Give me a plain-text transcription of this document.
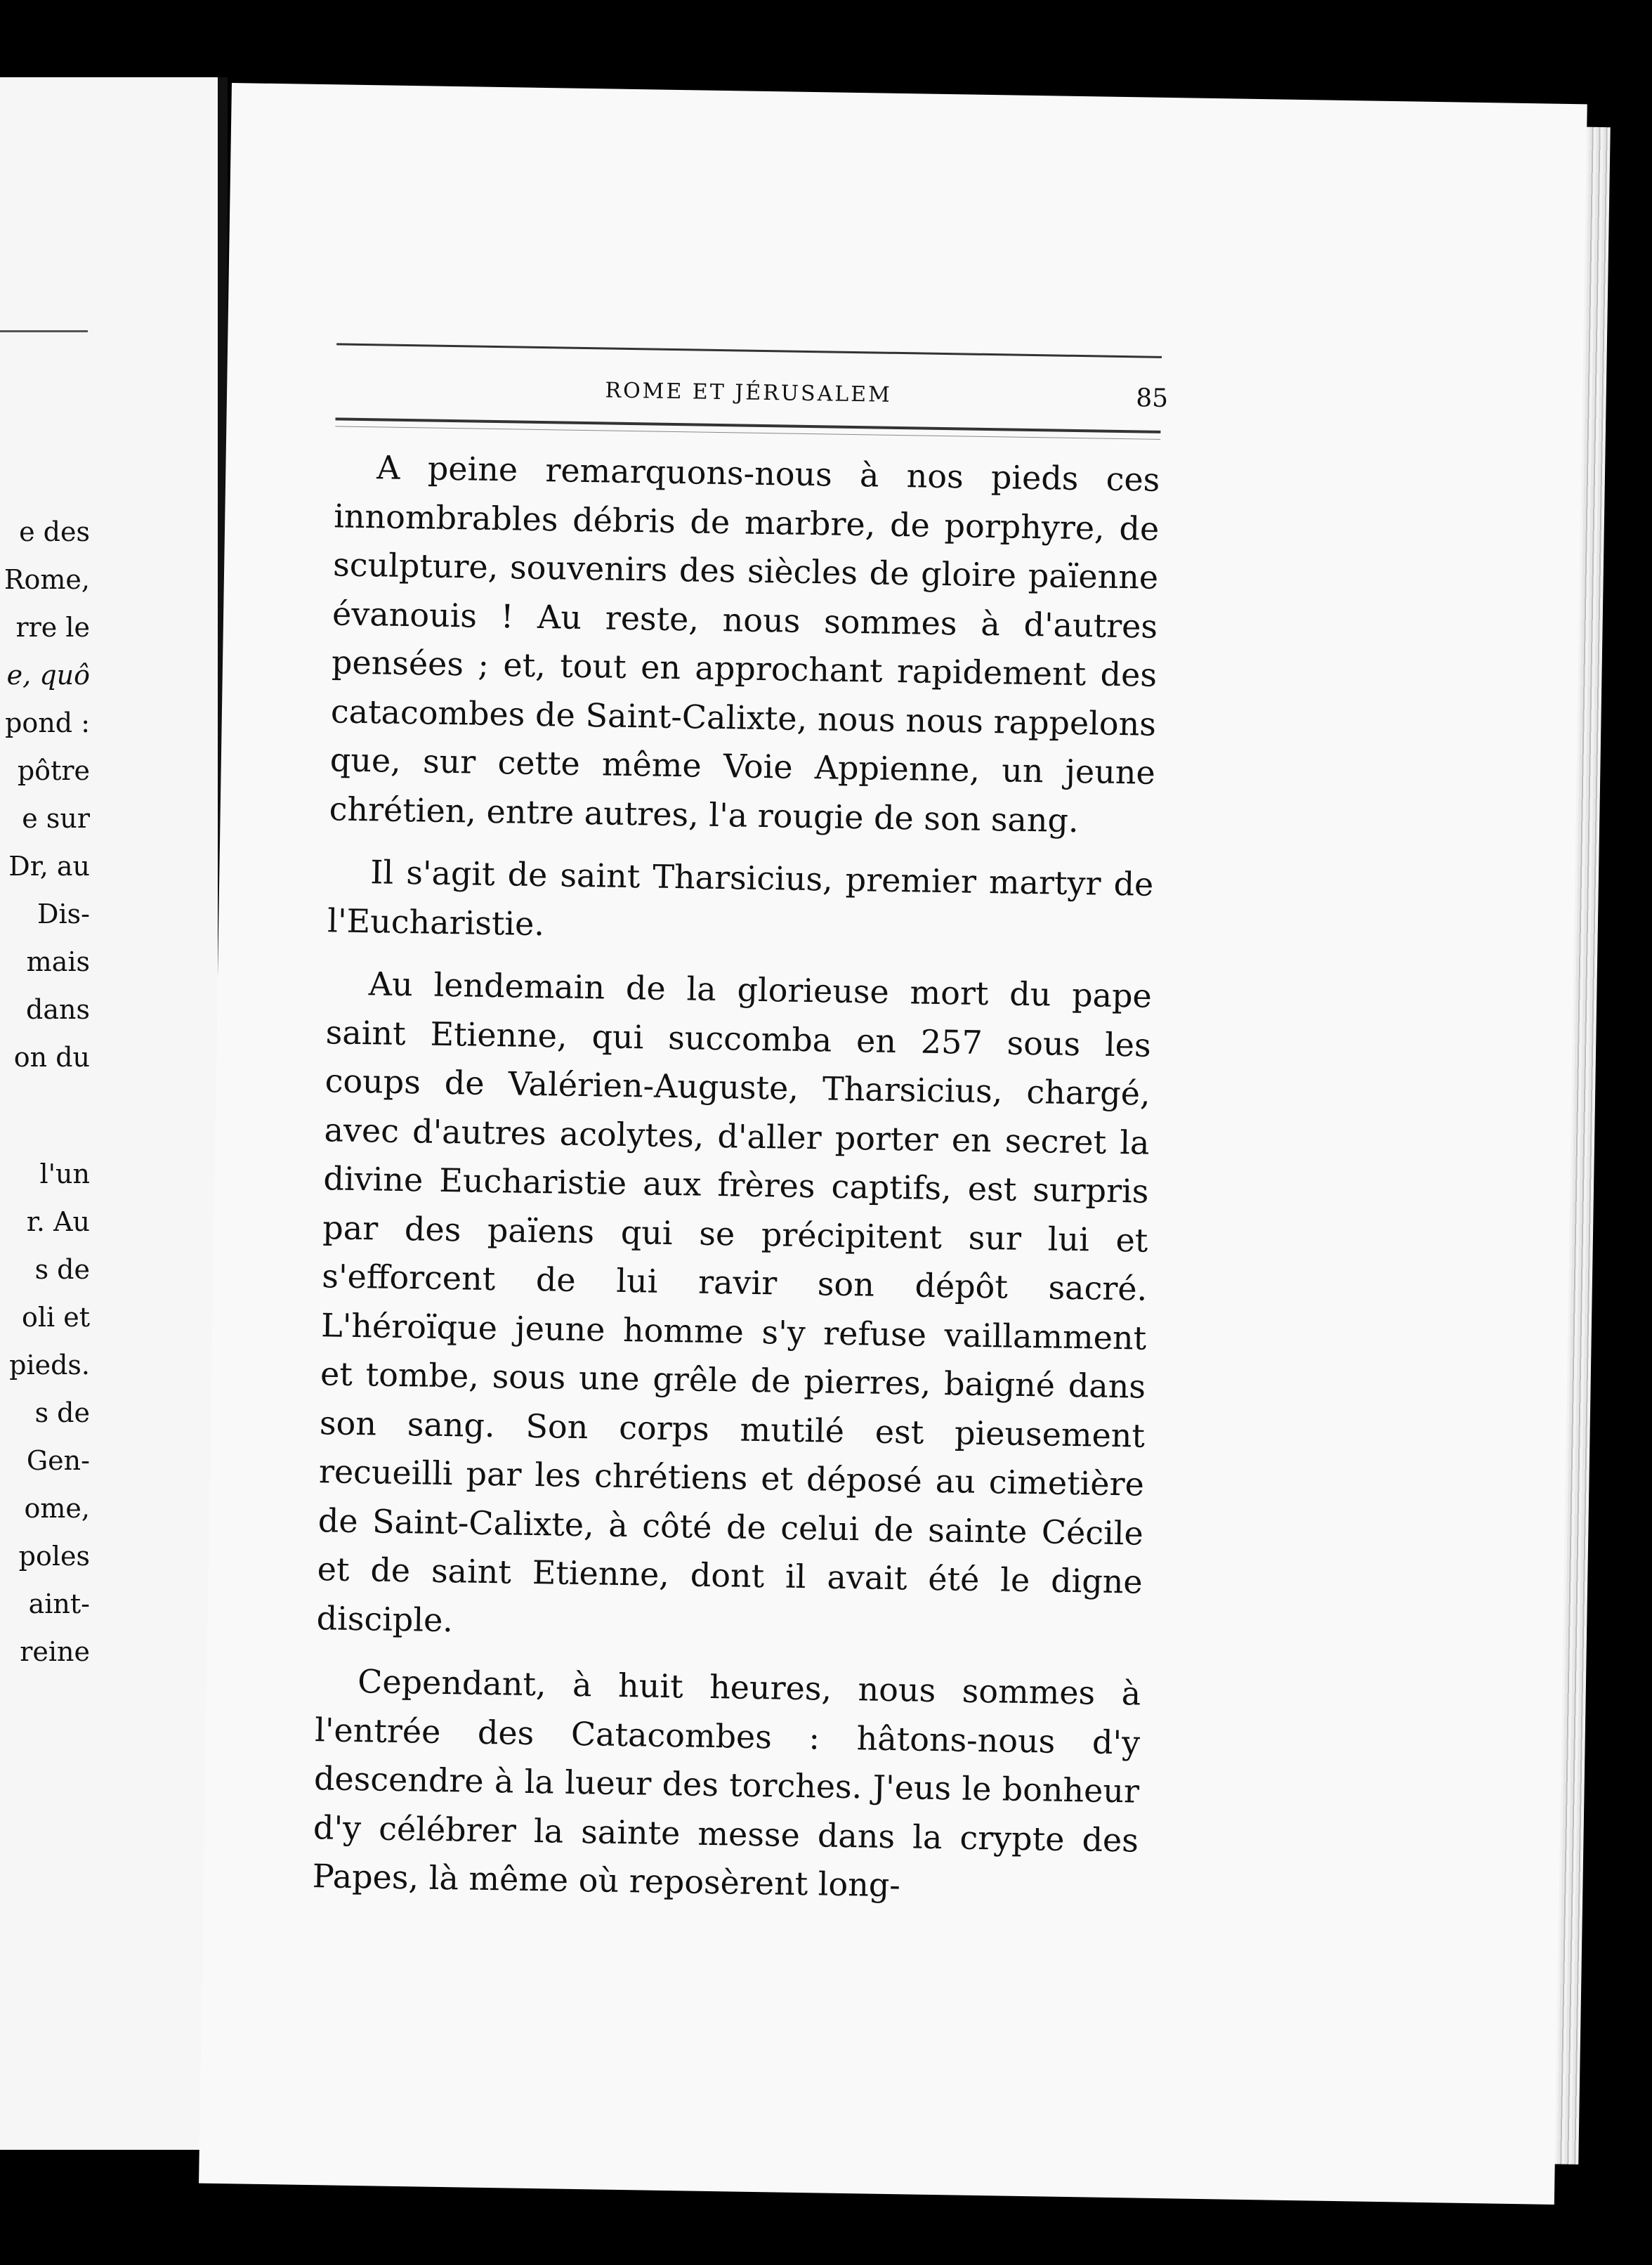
e des
Rome,
rre le
e, quô
pond :
pôtre
e sur
Dr, au
Dis-
mais
dans
on du
l'un
r. Au
s de
oli et
pieds.
s de
Gen-
ome,
poles
aint-
reine
ROME ET JÉRUSALEM	85

A peine remarquons-nous à nos pieds ces innombrables débris de marbre, de porphyre, de sculpture, souvenirs des siècles de gloire païenne évanouis ! Au reste, nous sommes à d'autres pensées ; et, tout en approchant rapidement des catacombes de Saint-Calixte, nous nous rappelons que, sur cette même Voie Appienne, un jeune chrétien, entre autres, l'a rougie de son sang.

Il s'agit de saint Tharsicius, premier martyr de l'Eucharistie.

Au lendemain de la glorieuse mort du pape saint Etienne, qui succomba en 257 sous les coups de Valérien-Auguste, Tharsicius, chargé, avec d'autres acolytes, d'aller porter en secret la divine Eucharistie aux frères captifs, est surpris par des païens qui se précipitent sur lui et s'efforcent de lui ravir son dépôt sacré. L'héroïque jeune homme s'y refuse vaillamment et tombe, sous une grêle de pierres, baigné dans son sang. Son corps mutilé est pieusement recueilli par les chrétiens et déposé au cimetière de Saint-Calixte, à côté de celui de sainte Cécile et de saint Etienne, dont il avait été le digne disciple.

Cependant, à huit heures, nous sommes à l'entrée des Catacombes : hâtons-nous d'y descendre à la lueur des torches. J'eus le bonheur d'y célébrer la sainte messe dans la crypte des Papes, là même où reposèrent long-
